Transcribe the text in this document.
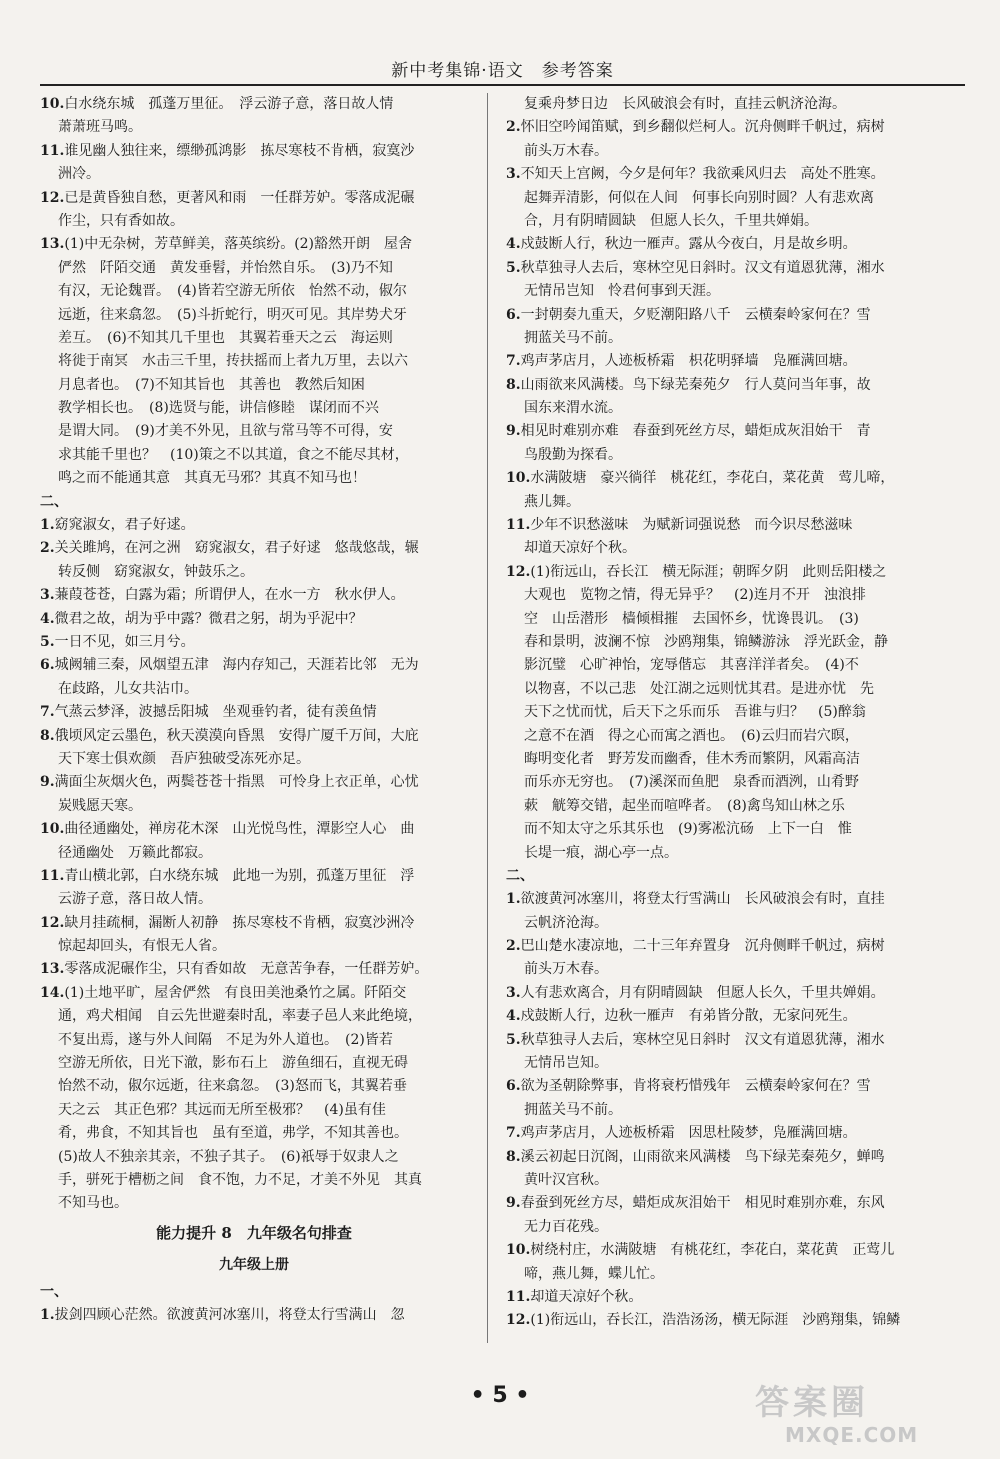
新中考集锦·语文　参考答案
10.白水绕东城　孤蓬万里征。　浮云游子意，落日故人情
萧萧班马鸣。
11.谁见幽人独往来，缥缈孤鸿影　拣尽寒枝不肯栖，寂寞沙
洲冷。
12.已是黄昏独自愁，更著风和雨　一任群芳妒。零落成泥碾
作尘，只有香如故。
13.(1)中无杂树，芳草鲜美，落英缤纷。(2)豁然开朗　屋舍
俨然　阡陌交通　黄发垂髫，并怡然自乐。　(3)乃不知
有汉，无论魏晋。　(4)皆若空游无所依　怡然不动，俶尔
远逝，往来翕忽。　(5)斗折蛇行，明灭可见。其岸势犬牙
差互。　(6)不知其几千里也　其翼若垂天之云　海运则
将徙于南冥　水击三千里，抟扶摇而上者九万里，去以六
月息者也。　(7)不知其旨也　其善也　教然后知困
教学相长也。　(8)选贤与能，讲信修睦　谋闭而不兴
是谓大同。　(9)才美不外见，且欲与常马等不可得，安
求其能千里也？　(10)策之不以其道，食之不能尽其材，
鸣之而不能通其意　其真无马邪？其真不知马也！
二、
1.窈窕淑女，君子好逑。
2.关关雎鸠，在河之洲　窈窕淑女，君子好逑　悠哉悠哉，辗
转反侧　窈窕淑女，钟鼓乐之。
3.蒹葭苍苍，白露为霜；所谓伊人，在水一方　秋水伊人。
4.微君之故，胡为乎中露？微君之躬，胡为乎泥中？
5.一日不见，如三月兮。
6.城阙辅三秦，风烟望五津　海内存知己，天涯若比邻　无为
在歧路，儿女共沾巾。
7.气蒸云梦泽，波撼岳阳城　坐观垂钓者，徒有羡鱼情
8.俄顷风定云墨色，秋天漠漠向昏黑　安得广厦千万间，大庇
天下寒士俱欢颜　吾庐独破受冻死亦足。
9.满面尘灰烟火色，两鬓苍苍十指黑　可怜身上衣正单，心忧
炭贱愿天寒。
10.曲径通幽处，禅房花木深　山光悦鸟性，潭影空人心　曲
径通幽处　万籁此都寂。
11.青山横北郭，白水绕东城　此地一为别，孤蓬万里征　浮
云游子意，落日故人情。
12.缺月挂疏桐，漏断人初静　拣尽寒枝不肯栖，寂寞沙洲冷
惊起却回头，有恨无人省。
13.零落成泥碾作尘，只有香如故　无意苦争春，一任群芳妒。
14.(1)土地平旷，屋舍俨然　有良田美池桑竹之属。阡陌交
通，鸡犬相闻　自云先世避秦时乱，率妻子邑人来此绝境，
不复出焉，遂与外人间隔　不足为外人道也。　(2)皆若
空游无所依，日光下澈，影布石上　游鱼细石，直视无碍
怡然不动，俶尔远逝，往来翕忽。　(3)怒而飞，其翼若垂
天之云　其正色邪？其远而无所至极邪？　(4)虽有佳
肴，弗食，不知其旨也　虽有至道，弗学，不知其善也。
(5)故人不独亲其亲，不独子其子。　(6)祇辱于奴隶人之
手，骈死于槽枥之间　食不饱，力不足，才美不外见　其真
不知马也。
能力提升 8　九年级名句排查
九年级上册
一、
1.拔剑四顾心茫然。欲渡黄河冰塞川，将登太行雪满山　忽
复乘舟梦日边　长风破浪会有时，直挂云帆济沧海。
2.怀旧空吟闻笛赋，到乡翻似烂柯人。沉舟侧畔千帆过，病树
前头万木春。
3.不知天上宫阙，今夕是何年？我欲乘风归去　高处不胜寒。
起舞弄清影，何似在人间　何事长向别时圆？人有悲欢离
合，月有阴晴圆缺　但愿人长久，千里共婵娟。
4.戍鼓断人行，秋边一雁声。露从今夜白，月是故乡明。
5.秋草独寻人去后，寒林空见日斜时。汉文有道恩犹薄，湘水
无情吊岂知　怜君何事到天涯。
6.一封朝奏九重天，夕贬潮阳路八千　云横秦岭家何在？雪
拥蓝关马不前。
7.鸡声茅店月，人迹板桥霜　枳花明驿墙　凫雁满回塘。
8.山雨欲来风满楼。鸟下绿芜秦苑夕　行人莫问当年事，故
国东来渭水流。
9.相见时难别亦难　春蚕到死丝方尽，蜡炬成灰泪始干　青
鸟殷勤为探看。
10.水满陂塘　豪兴徜徉　桃花红，李花白，菜花黄　莺儿啼，
燕儿舞。
11.少年不识愁滋味　为赋新词强说愁　而今识尽愁滋味
却道天凉好个秋。
12.(1)衔远山，吞长江　横无际涯；朝晖夕阴　此则岳阳楼之
大观也　览物之情，得无异乎？　(2)连月不开　浊浪排
空　山岳潜形　樯倾楫摧　去国怀乡，忧谗畏讥。　(3)
春和景明，波澜不惊　沙鸥翔集，锦鳞游泳　浮光跃金，静
影沉璧　心旷神怡，宠辱偕忘　其喜洋洋者矣。　(4)不
以物喜，不以己悲　处江湖之远则忧其君。是进亦忧　先
天下之忧而忧，后天下之乐而乐　吾谁与归？　(5)醉翁
之意不在酒　得之心而寓之酒也。　(6)云归而岩穴暝，
晦明变化者　野芳发而幽香，佳木秀而繁阴，风霜高洁
而乐亦无穷也。　(7)溪深而鱼肥　泉香而酒洌，山肴野
蔌　觥筹交错，起坐而喧哗者。　(8)禽鸟知山林之乐
而不知太守之乐其乐也　(9)雾凇沆砀　上下一白　惟
长堤一痕，湖心亭一点。
二、
1.欲渡黄河冰塞川，将登太行雪满山　长风破浪会有时，直挂
云帆济沧海。
2.巴山楚水凄凉地，二十三年弃置身　沉舟侧畔千帆过，病树
前头万木春。
3.人有悲欢离合，月有阴晴圆缺　但愿人长久，千里共婵娟。
4.戍鼓断人行，边秋一雁声　有弟皆分散，无家问死生。
5.秋草独寻人去后，寒林空见日斜时　汉文有道恩犹薄，湘水
无情吊岂知。
6.欲为圣朝除弊事，肯将衰朽惜残年　云横秦岭家何在？雪
拥蓝关马不前。
7.鸡声茅店月，人迹板桥霜　因思杜陵梦，凫雁满回塘。
8.溪云初起日沉阁，山雨欲来风满楼　鸟下绿芜秦苑夕，蝉鸣
黄叶汉宫秋。
9.春蚕到死丝方尽，蜡炬成灰泪始干　相见时难别亦难，东风
无力百花残。
10.树绕村庄，水满陂塘　有桃花红，李花白，菜花黄　正莺儿
啼，燕儿舞，蝶儿忙。
11.却道天凉好个秋。
12.(1)衔远山，吞长江，浩浩汤汤，横无际涯　沙鸥翔集，锦鳞
• 5 •	答案圈
MXQE.COM
